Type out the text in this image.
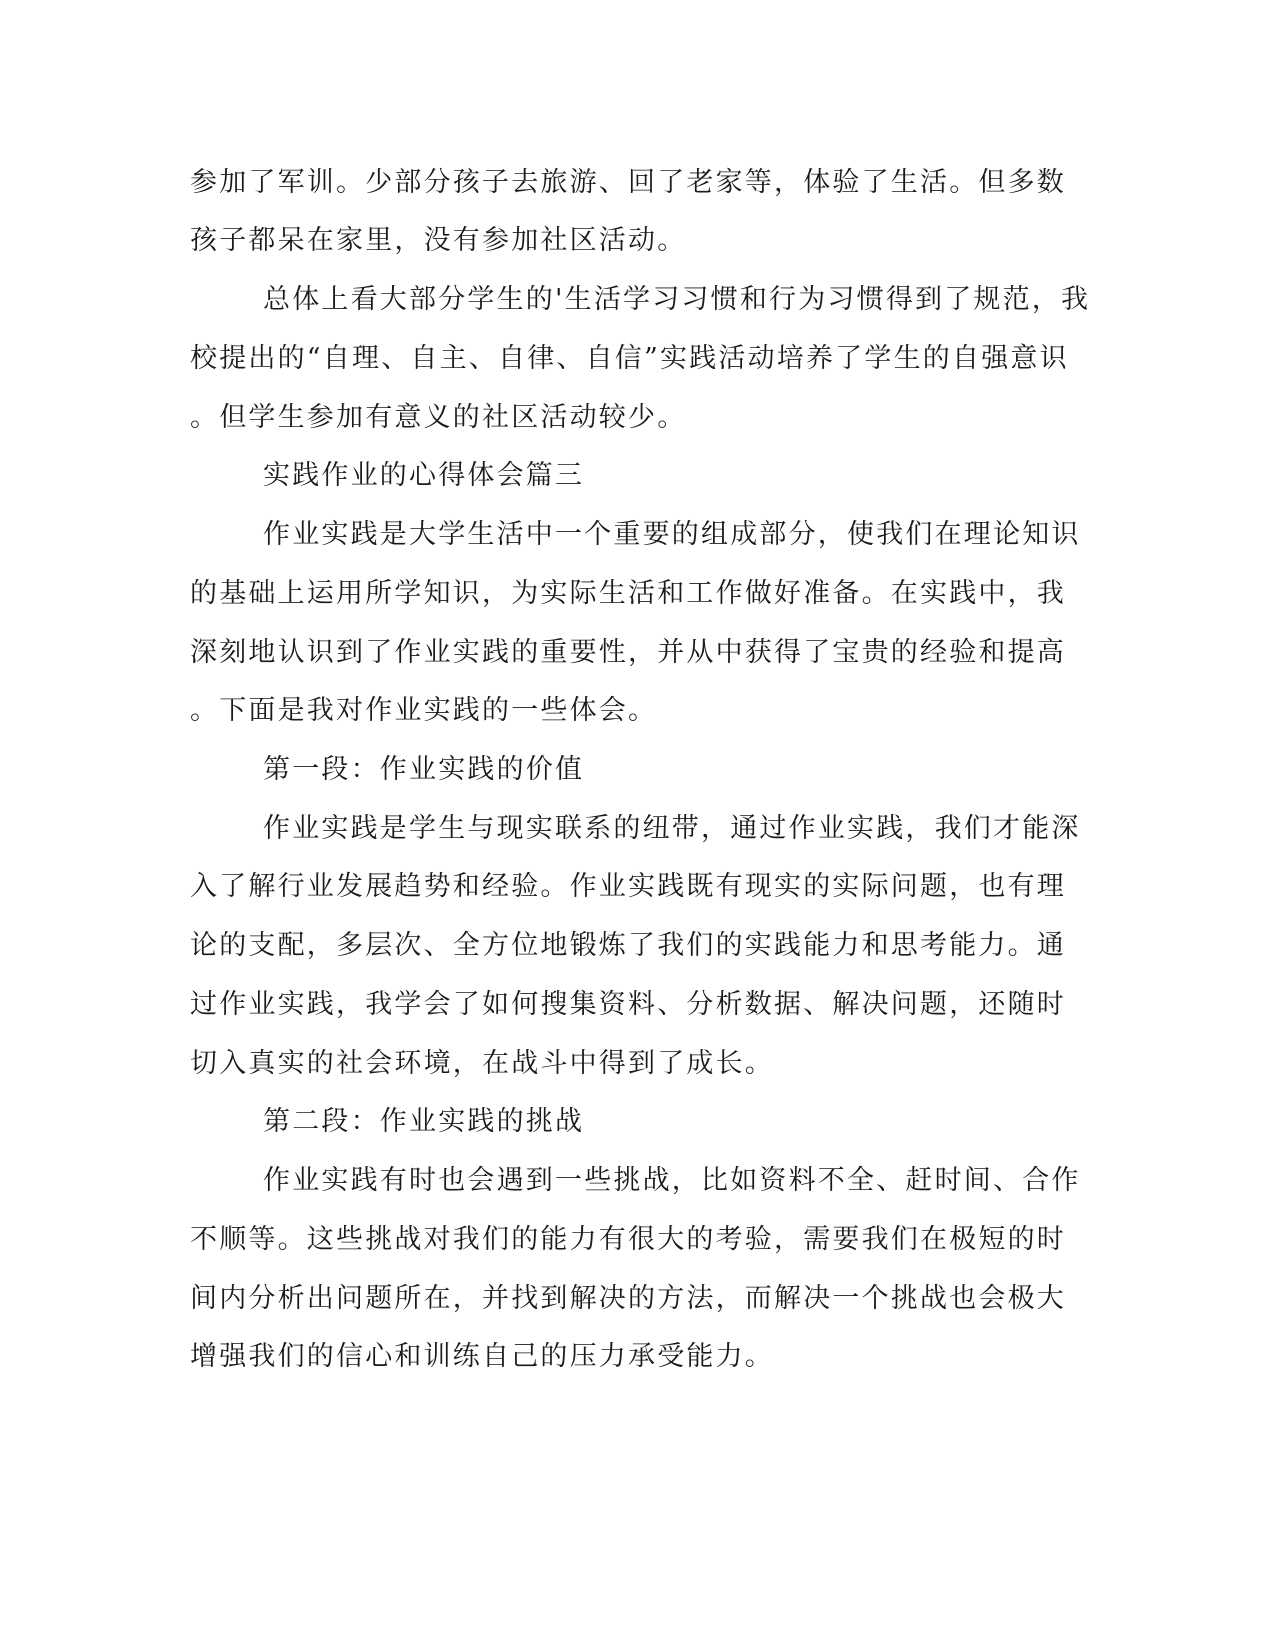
参加了军训。少部分孩子去旅游、回了老家等，体验了生活。但多数
孩子都呆在家里，没有参加社区活动。
总体上看大部分学生的'生活学习习惯和行为习惯得到了规范，我
校提出的“自理、自主、自律、自信”实践活动培养了学生的自强意识
。但学生参加有意义的社区活动较少。
实践作业的心得体会篇三
作业实践是大学生活中一个重要的组成部分，使我们在理论知识
的基础上运用所学知识，为实际生活和工作做好准备。在实践中，我
深刻地认识到了作业实践的重要性，并从中获得了宝贵的经验和提高
。下面是我对作业实践的一些体会。
第一段：作业实践的价值
作业实践是学生与现实联系的纽带，通过作业实践，我们才能深
入了解行业发展趋势和经验。作业实践既有现实的实际问题，也有理
论的支配，多层次、全方位地锻炼了我们的实践能力和思考能力。通
过作业实践，我学会了如何搜集资料、分析数据、解决问题，还随时
切入真实的社会环境，在战斗中得到了成长。
第二段：作业实践的挑战
作业实践有时也会遇到一些挑战，比如资料不全、赶时间、合作
不顺等。这些挑战对我们的能力有很大的考验，需要我们在极短的时
间内分析出问题所在，并找到解决的方法，而解决一个挑战也会极大
增强我们的信心和训练自己的压力承受能力。
